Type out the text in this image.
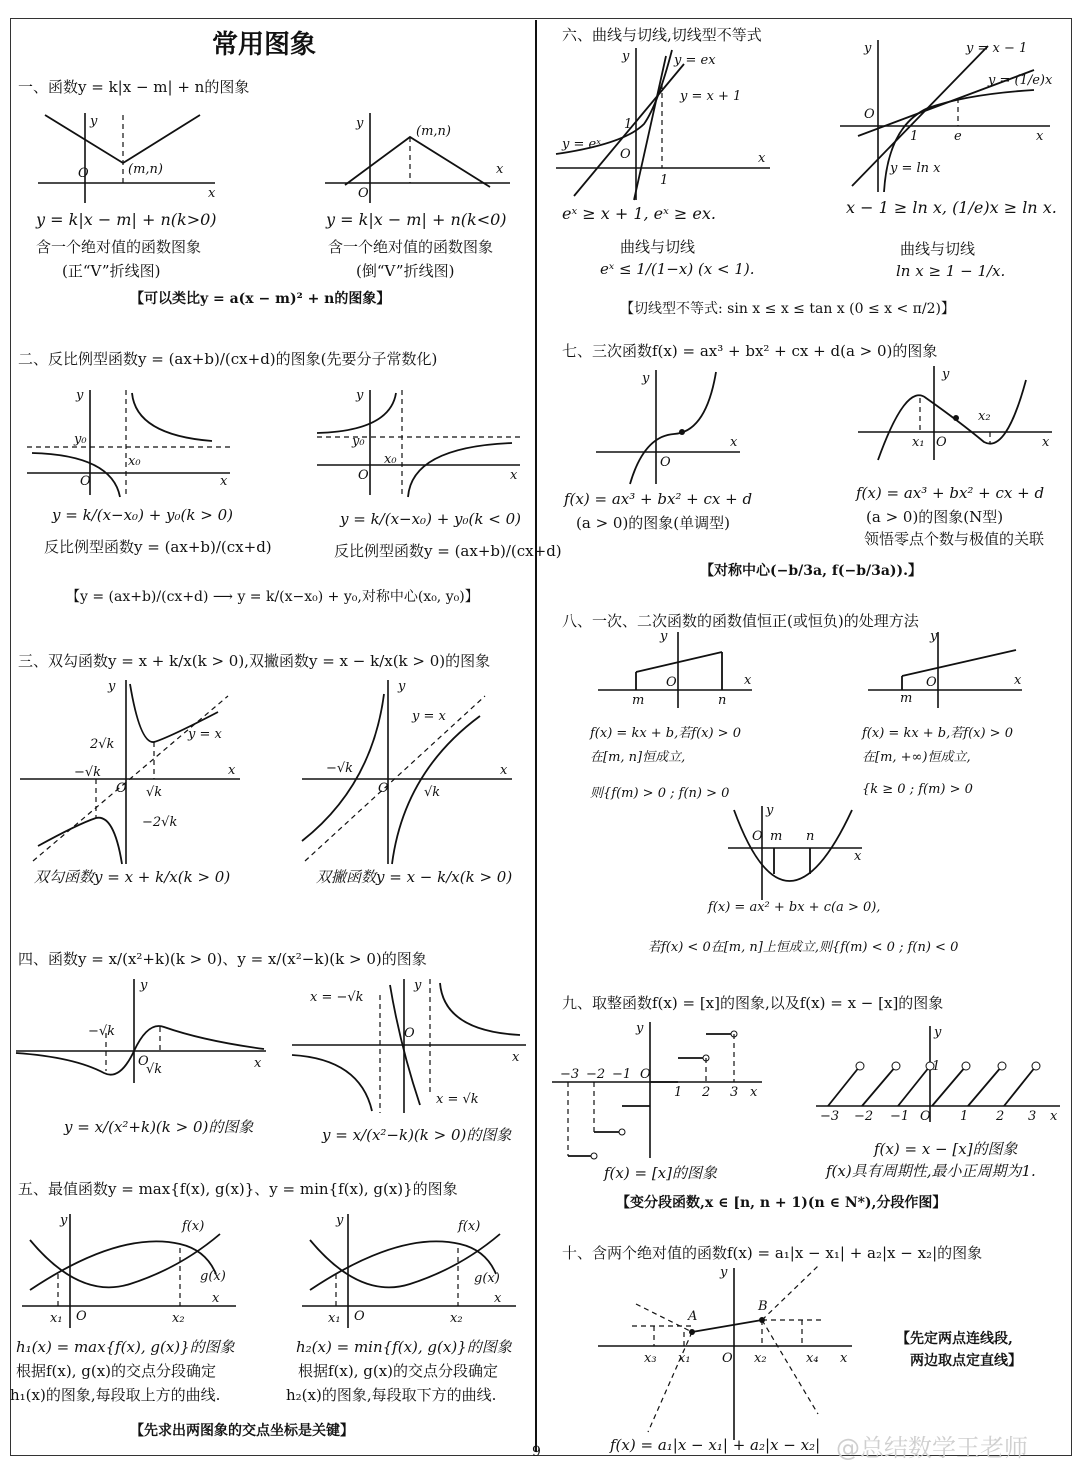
常用图象
一、函数y = k|x − m| + n的图象
O
y
x
(m,n)
O
y
x
(m,n)
y = k|x − m| + n(k>0)
含一个绝对值的函数图象
(正“V”折线图)
y = k|x − m| + n(k<0)
含一个绝对值的函数图象
(倒“V”折线图)
【可以类比y = a(x − m)² + n的图象】
二、反比例型函数y = (ax+b)/(cx+d)的图象(先要分子常数化)
O
y
x
y₀
x₀
O
y
x
y₀
x₀
y = k/(x−x₀) + y₀(k > 0)
反比例型函数y = (ax+b)/(cx+d)
y = k/(x−x₀) + y₀(k < 0)
反比例型函数y = (ax+b)/(cx+d)
【y = (ax+b)/(cx+d) ⟶ y = k/(x−x₀) + y₀,对称中心(x₀, y₀)】
三、双勾函数y = x + k/x(k > 0),双撇函数y = x − k/x(k > 0)的图象
O
y
x
2√k
−√k
√k
−2√k
y = x
O
y
x
−√k
√k
y = x
双勾函数y = x + k/x(k > 0)	双撇函数y = x − k/x(k > 0)
四、函数y = x/(x²+k)(k > 0)、y = x/(x²−k)(k > 0)的图象
O
y
x
−√k
√k
O
y
x
x = −√k
x = √k
y = x/(x²+k)(k > 0)的图象	y = x/(x²−k)(k > 0)的图象
五、最值函数y = max{f(x), g(x)}、y = min{f(x), g(x)}的图象
O
y
x
x₁	x₂
f(x)
g(x)
O
y
x
x₁	x₂
f(x)
g(x)
h₁(x) = max{f(x), g(x)}的图象
根据f(x), g(x)的交点分段确定
h₁(x)的图象,每段取上方的曲线.
h₂(x) = min{f(x), g(x)}的图象
根据f(x), g(x)的交点分段确定
h₂(x)的图象,每段取下方的曲线.
【先求出两图象的交点坐标是关键】
六、曲线与切线,切线型不等式
O
y
x
1
1
y = ex
y = x + 1
y = eˣ
O
y
x
1	e
y = x − 1
y = (1/e)x
y = ln x
eˣ ≥ x + 1, eˣ ≥ ex.
曲线与切线
eˣ ≤ 1/(1−x) (x < 1).
x − 1 ≥ ln x, (1/e)x ≥ ln x.
曲线与切线
ln x ≥ 1 − 1/x.
【切线型不等式: sin x ≤ x ≤ tan x (0 ≤ x < π/2)】
七、三次函数f(x) = ax³ + bx² + cx + d(a > 0)的图象
O
y
x	x₁ O
y
x
x₂
f(x) = ax³ + bx² + cx + d
(a > 0)的图象(单调型)
f(x) = ax³ + bx² + cx + d
(a > 0)的图象(N型)
领悟零点个数与极值的关联
【对称中心(−b/3a, f(−b/3a)).】
八、一次、二次函数的函数值恒正(或恒负)的处理方法
m
O
n
x
y
m
O	x
y
f(x) = kx + b,若f(x) > 0
在[m, n]恒成立,
则{f(m) > 0 ; f(n) > 0
f(x) = kx + b,若f(x) > 0
在[m, +∞)恒成立,
{k ≥ 0 ; f(m) > 0
O m n
x
y
f(x) = ax² + bx + c(a > 0),
若f(x) < 0在[m, n]上恒成立,则{f(m) < 0 ; f(n) < 0
九、取整函数f(x) = [x]的图象,以及f(x) = x − [x]的图象
−3 −2 −1 O
1 2 3 x
y
−3 −2 −1 O 1 2 3 x
1
y
f(x) = [x]的图象
f(x) = x − [x]的图象
f(x)具有周期性,最小正周期为1.
【变分段函数,x ∈ [n, n + 1)(n ∈ N*),分段作图】
十、含两个绝对值的函数f(x) = a₁|x − x₁| + a₂|x − x₂|的图象
A
B
O
y
x
x₃ x₁	x₂	x₄
f(x) = a₁|x − x₁| + a₂|x − x₂|
【先定两点连线段,
两边取点定直线】
@总结数学王老师
9
